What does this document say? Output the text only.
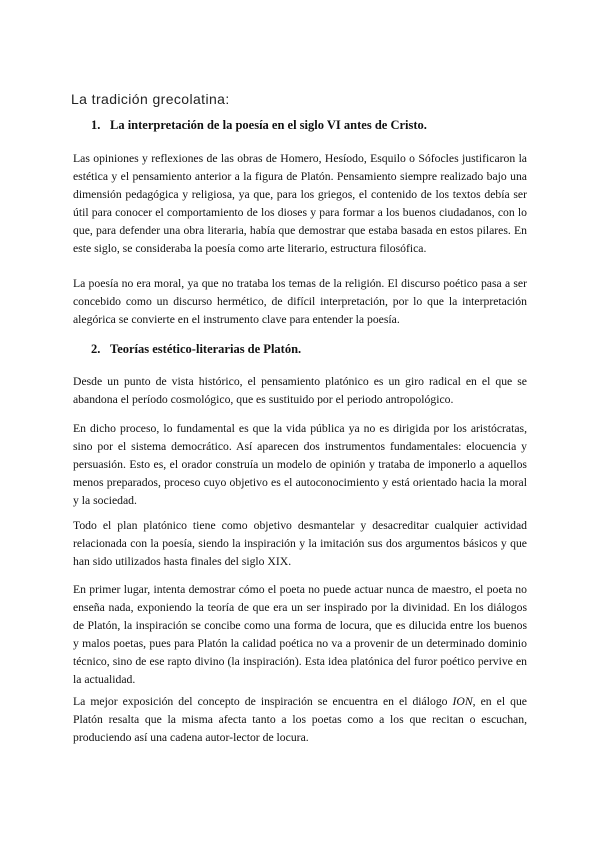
La tradición grecolatina:
1. La interpretación de la poesía en el siglo VI antes de Cristo.

Las opiniones y reflexiones de las obras de Homero, Hesíodo, Esquilo o Sófocles justificaron la estética y el pensamiento anterior a la figura de Platón. Pensamiento siempre realizado bajo una dimensión pedagógica y religiosa, ya que, para los griegos, el contenido de los textos debía ser útil para conocer el comportamiento de los dioses y para formar a los buenos ciudadanos, con lo que, para defender una obra literaria, había que demostrar que estaba basada en estos pilares. En este siglo, se consideraba la poesía como arte literario, estructura filosófica.

La poesía no era moral, ya que no trataba los temas de la religión. El discurso poético pasa a ser concebido como un discurso hermético, de difícil interpretación, por lo que la interpretación alegórica se convierte en el instrumento clave para entender la poesía.

2. Teorías estético-literarias de Platón.

Desde un punto de vista histórico, el pensamiento platónico es un giro radical en el que se abandona el período cosmológico, que es sustituido por el periodo antropológico.

En dicho proceso, lo fundamental es que la vida pública ya no es dirigida por los aristócratas, sino por el sistema democrático. Así aparecen dos instrumentos fundamentales: elocuencia y persuasión. Esto es, el orador construía un modelo de opinión y trataba de imponerlo a aquellos menos preparados, proceso cuyo objetivo es el autoconocimiento y está orientado hacia la moral y la sociedad.

Todo el plan platónico tiene como objetivo desmantelar y desacreditar cualquier actividad relacionada con la poesía, siendo la inspiración y la imitación sus dos argumentos básicos y que han sido utilizados hasta finales del siglo XIX.

En primer lugar, intenta demostrar cómo el poeta no puede actuar nunca de maestro, el poeta no enseña nada, exponiendo la teoría de que era un ser inspirado por la divinidad. En los diálogos de Platón, la inspiración se concibe como una forma de locura, que es dilucida entre los buenos y malos poetas, pues para Platón la calidad poética no va a provenir de un determinado dominio técnico, sino de ese rapto divino (la inspiración). Esta idea platónica del furor poético pervive en la actualidad.

La mejor exposición del concepto de inspiración se encuentra en el diálogo ION, en el que Platón resalta que la misma afecta tanto a los poetas como a los que recitan o escuchan, produciendo así una cadena autor-lector de locura.
